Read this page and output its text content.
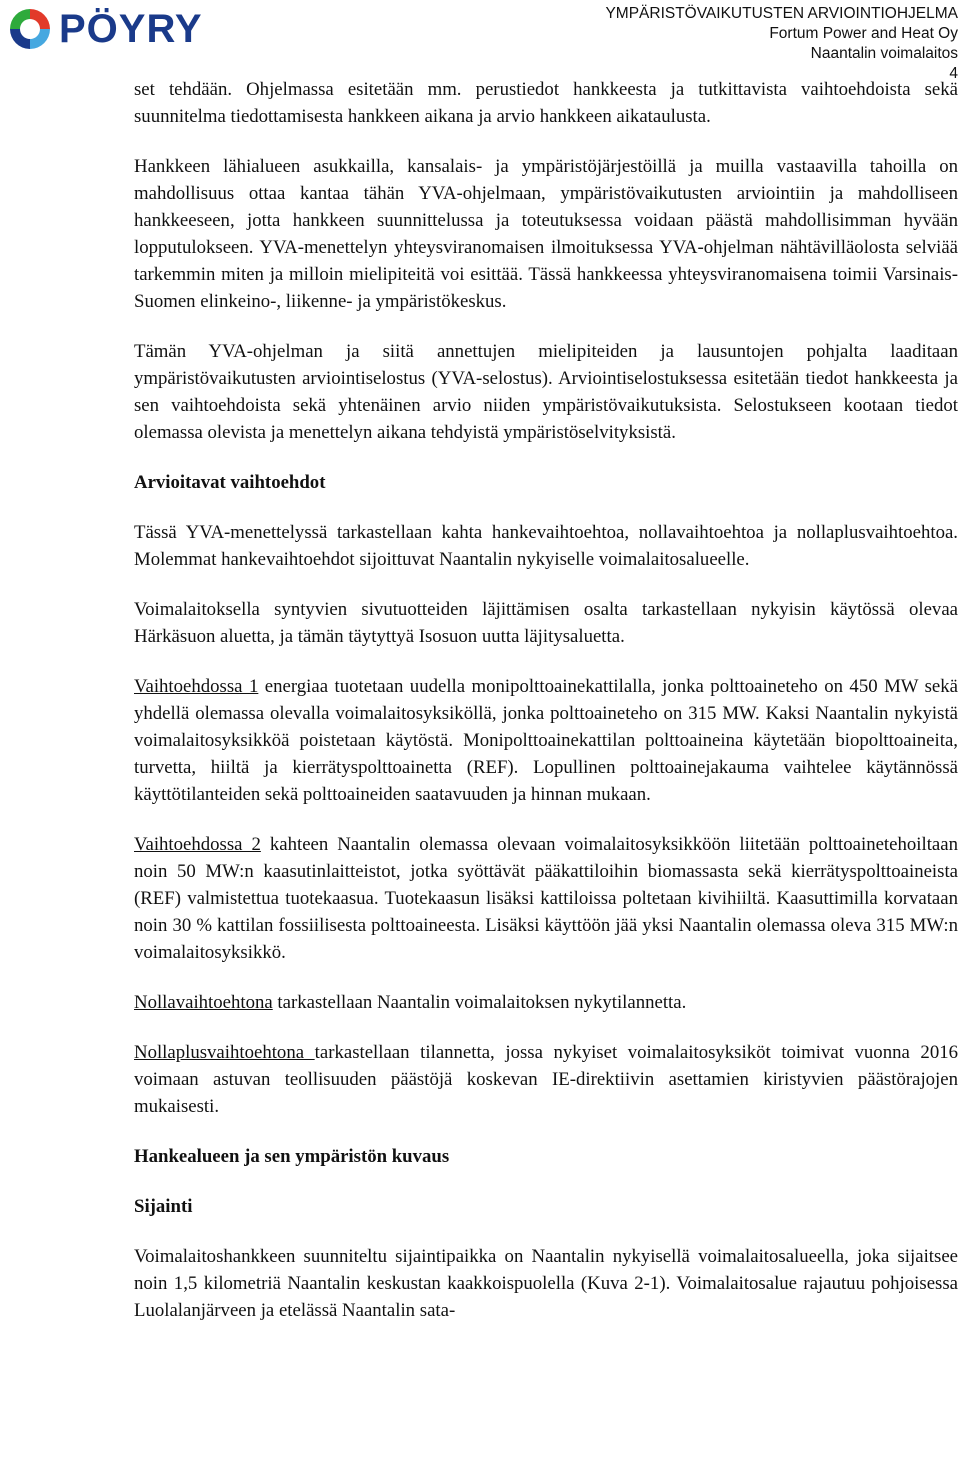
PÖYRY	YMPÄRISTÖVAIKUTUSTEN ARVIOINTIOHJELMA
Fortum Power and Heat Oy
Naantalin voimalaitos
4

set tehdään. Ohjelmassa esitetään mm. perustiedot hankkeesta ja tutkittavista vaihtoehdoista sekä suunnitelma tiedottamisesta hankkeen aikana ja arvio hankkeen aikataulusta.

Hankkeen lähialueen asukkailla, kansalais- ja ympäristöjärjestöillä ja muilla vastaavilla tahoilla on mahdollisuus ottaa kantaa tähän YVA-ohjelmaan, ympäristövaikutusten arviointiin ja mahdolliseen hankkeeseen, jotta hankkeen suunnittelussa ja toteutuksessa voidaan päästä mahdollisimman hyvään lopputulokseen. YVA-menettelyn yhteysviranomaisen ilmoituksessa YVA-ohjelman nähtävilläolosta selviää tarkemmin miten ja milloin mielipiteitä voi esittää. Tässä hankkeessa yhteysviranomaisena toimii Varsinais-Suomen elinkeino-, liikenne- ja ympäristökeskus.

Tämän YVA-ohjelman ja siitä annettujen mielipiteiden ja lausuntojen pohjalta laaditaan ympäristövaikutusten arviointiselostus (YVA-selostus). Arviointiselostuksessa esitetään tiedot hankkeesta ja sen vaihtoehdoista sekä yhtenäinen arvio niiden ympäristövaikutuksista. Selostukseen kootaan tiedot olemassa olevista ja menettelyn aikana tehdyistä ympäristöselvityksistä.

Arvioitavat vaihtoehdot

Tässä YVA-menettelyssä tarkastellaan kahta hankevaihtoehtoa, nollavaihtoehtoa ja nollaplusvaihtoehtoa. Molemmat hankevaihtoehdot sijoittuvat Naantalin nykyiselle voimalaitosalueelle.

Voimalaitoksella syntyvien sivutuotteiden läjittämisen osalta tarkastellaan nykyisin käytössä olevaa Härkäsuon aluetta, ja tämän täytyttyä Isosuon uutta läjitysaluetta.

Vaihtoehdossa 1 energiaa tuotetaan uudella monipolttoainekattilalla, jonka polttoaineteho on 450 MW sekä yhdellä olemassa olevalla voimalaitosyksiköllä, jonka polttoaineteho on 315 MW. Kaksi Naantalin nykyistä voimalaitosyksikköä poistetaan käytöstä. Monipolttoainekattilan polttoaineina käytetään biopolttoaineita, turvetta, hiiltä ja kierrätyspolttoainetta (REF). Lopullinen polttoainejakauma vaihtelee käytännössä käyttötilanteiden sekä polttoaineiden saatavuuden ja hinnan mukaan.

Vaihtoehdossa 2 kahteen Naantalin olemassa olevaan voimalaitosyksikköön liitetään polttoainetehoiltaan noin 50 MW:n kaasutinlaitteistot, jotka syöttävät pääkattiloihin biomassasta sekä kierrätyspolttoaineista (REF) valmistettua tuotekaasua. Tuotekaasun lisäksi kattiloissa poltetaan kivihiiltä. Kaasuttimilla korvataan noin 30 % kattilan fossiilisesta polttoaineesta. Lisäksi käyttöön jää yksi Naantalin olemassa oleva 315 MW:n voimalaitosyksikkö.

Nollavaihtoehtona tarkastellaan Naantalin voimalaitoksen nykytilannetta.

Nollaplusvaihtoehtona tarkastellaan tilannetta, jossa nykyiset voimalaitosyksiköt toimivat vuonna 2016 voimaan astuvan teollisuuden päästöjä koskevan IE-direktiivin asettamien kiristyvien päästörajojen mukaisesti.

Hankealueen ja sen ympäristön kuvaus
Sijainti

Voimalaitoshankkeen suunniteltu sijaintipaikka on Naantalin nykyisellä voimalaitosalueella, joka sijaitsee noin 1,5 kilometriä Naantalin keskustan kaakkoispuolella (Kuva 2-1). Voimalaitosalue rajautuu pohjoisessa Luolalanjärveen ja etelässä Naantalin sata-
